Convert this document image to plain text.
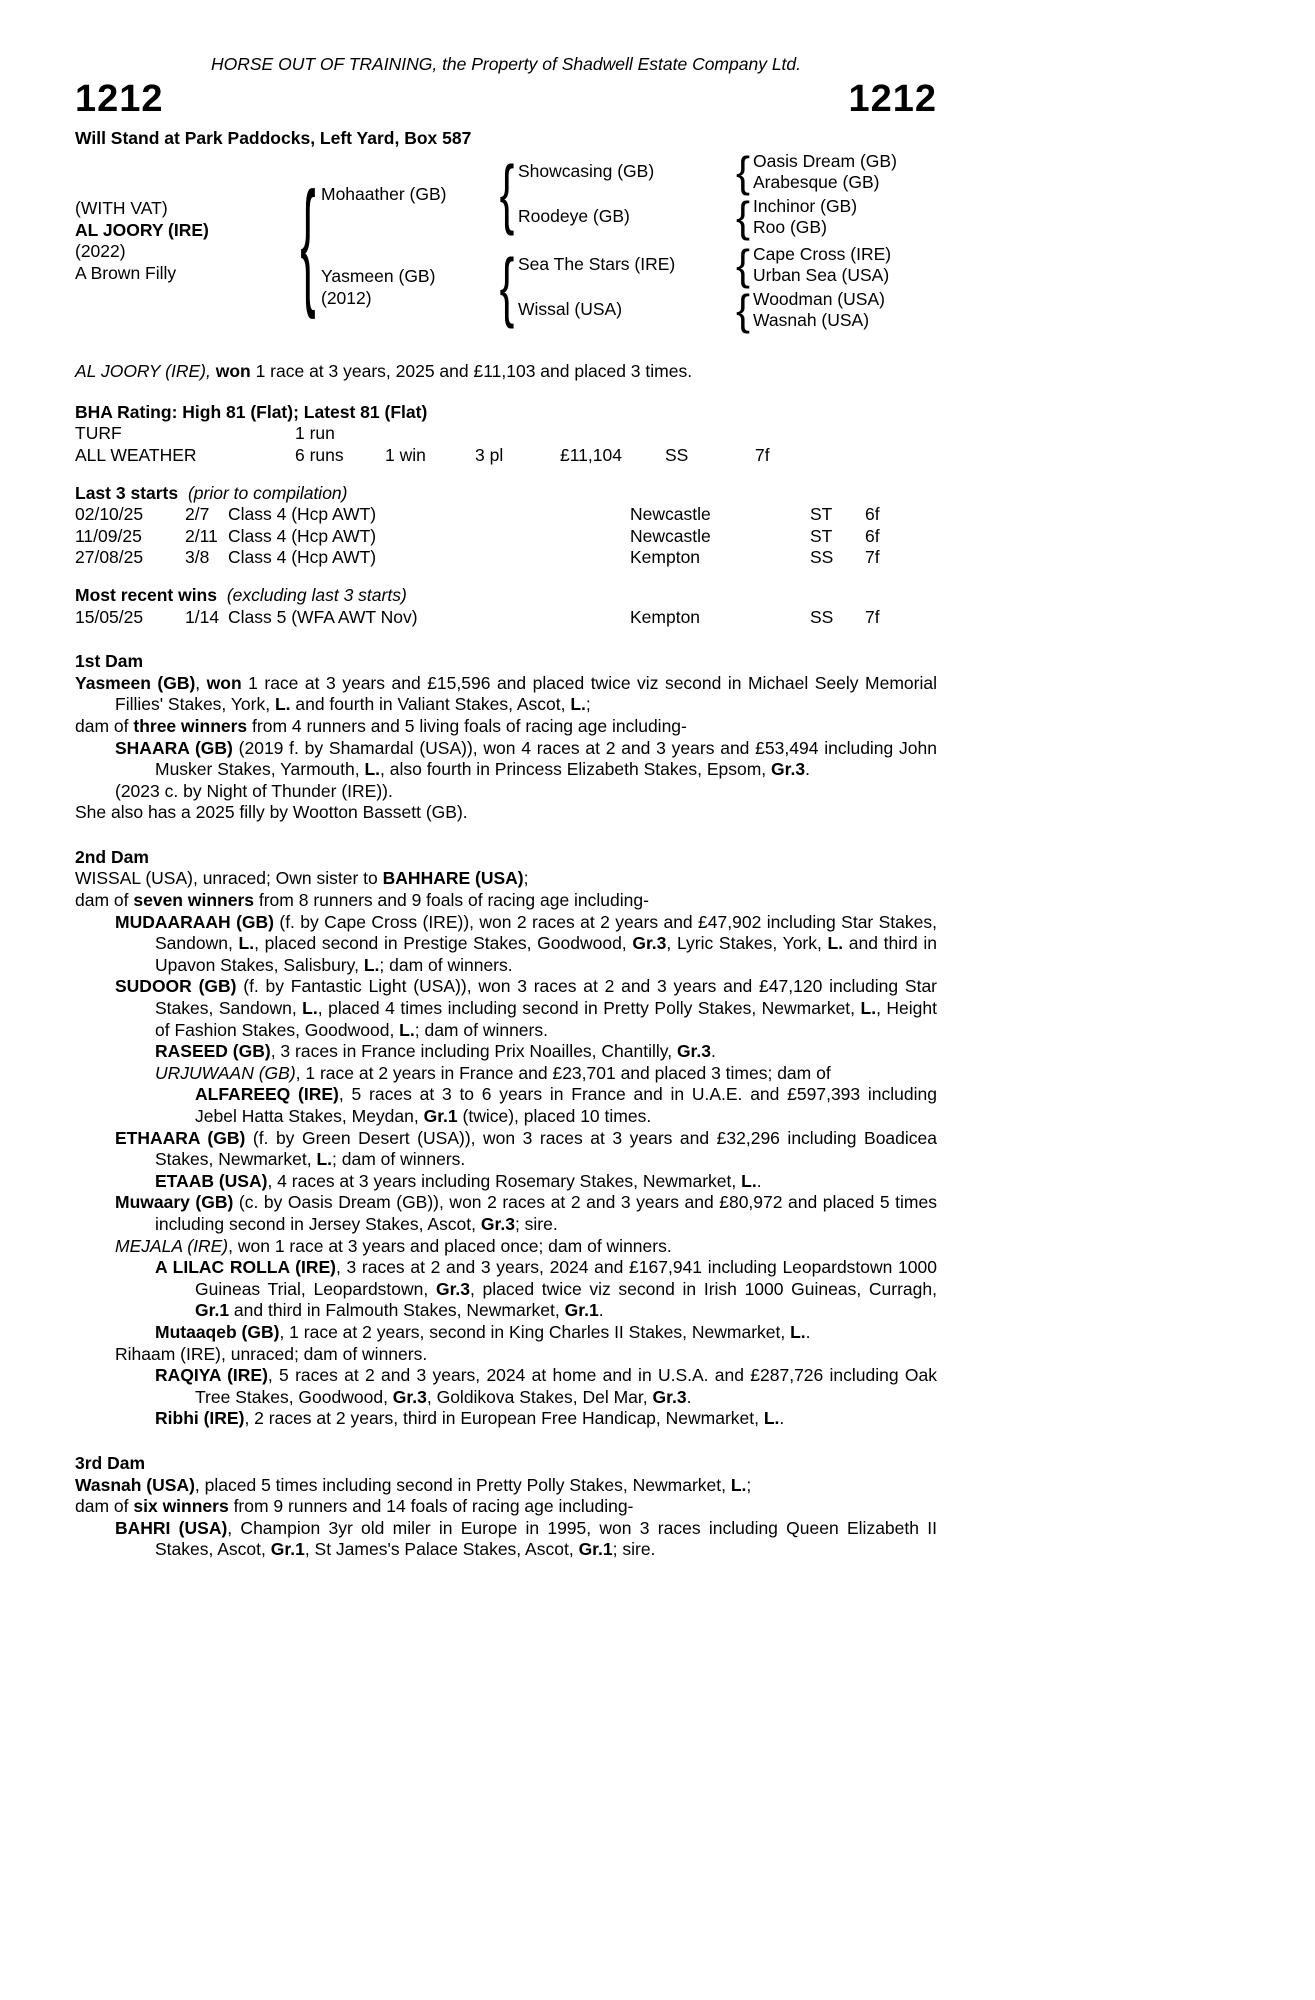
HORSE OUT OF TRAINING, the Property of Shadwell Estate Company Ltd.
1212	1212
Will Stand at Park Paddocks, Left Yard, Box 587
(WITH VAT)
AL JOORY (IRE)
(2022)
A Brown Filly	{ Mohaather (GB)	{ Showcasing (GB)	{ Oasis Dream (GB)
Arabesque (GB)
Roodeye (GB)	{ Inchinor (GB)
Roo (GB)
Yasmeen (GB)
(2012)	{ Sea The Stars (IRE)	{ Cape Cross (IRE)
Urban Sea (USA)
Wissal (USA)	{ Woodman (USA)
Wasnah (USA)

AL JOORY (IRE), won 1 race at 3 years, 2025 and £11,103 and placed 3 times.

BHA Rating: High 81 (Flat); Latest 81 (Flat)
TURF	1 run
ALL WEATHER	6 runs	1 win	3 pl	£11,104	SS	7f
Last 3 starts (prior to compilation)
02/10/25	2/7	Class 4 (Hcp AWT)	Newcastle	ST	6f
11/09/25	2/11 Class 4 (Hcp AWT)	Newcastle	ST	6f
27/08/25	3/8	Class 4 (Hcp AWT)	Kempton	SS	7f
Most recent wins (excluding last 3 starts)
15/05/25	1/14 Class 5 (WFA AWT Nov)	Kempton	SS	7f
1st Dam

Yasmeen (GB), won 1 race at 3 years and £15,596 and placed twice viz second in Michael Seely Memorial Fillies' Stakes, York, L. and fourth in Valiant Stakes, Ascot, L.;

dam of three winners from 4 runners and 5 living foals of racing age including-

SHAARA (GB) (2019 f. by Shamardal (USA)), won 4 races at 2 and 3 years and £53,494 including John Musker Stakes, Yarmouth, L., also fourth in Princess Elizabeth Stakes, Epsom, Gr.3.

(2023 c. by Night of Thunder (IRE)).

She also has a 2025 filly by Wootton Bassett (GB).

2nd Dam

WISSAL (USA), unraced; Own sister to BAHHARE (USA);

dam of seven winners from 8 runners and 9 foals of racing age including-

MUDAARAAH (GB) (f. by Cape Cross (IRE)), won 2 races at 2 years and £47,902 including Star Stakes, Sandown, L., placed second in Prestige Stakes, Goodwood, Gr.3, Lyric Stakes, York, L. and third in Upavon Stakes, Salisbury, L.; dam of winners.

SUDOOR (GB) (f. by Fantastic Light (USA)), won 3 races at 2 and 3 years and £47,120 including Star Stakes, Sandown, L., placed 4 times including second in Pretty Polly Stakes, Newmarket, L., Height of Fashion Stakes, Goodwood, L.; dam of winners.

RASEED (GB), 3 races in France including Prix Noailles, Chantilly, Gr.3.

URJUWAAN (GB), 1 race at 2 years in France and £23,701 and placed 3 times; dam of

ALFAREEQ (IRE), 5 races at 3 to 6 years in France and in U.A.E. and £597,393 including Jebel Hatta Stakes, Meydan, Gr.1 (twice), placed 10 times.

ETHAARA (GB) (f. by Green Desert (USA)), won 3 races at 3 years and £32,296 including Boadicea Stakes, Newmarket, L.; dam of winners.

ETAAB (USA), 4 races at 3 years including Rosemary Stakes, Newmarket, L..

Muwaary (GB) (c. by Oasis Dream (GB)), won 2 races at 2 and 3 years and £80,972 and placed 5 times including second in Jersey Stakes, Ascot, Gr.3; sire.

MEJALA (IRE), won 1 race at 3 years and placed once; dam of winners.

A LILAC ROLLA (IRE), 3 races at 2 and 3 years, 2024 and £167,941 including Leopardstown 1000 Guineas Trial, Leopardstown, Gr.3, placed twice viz second in Irish 1000 Guineas, Curragh, Gr.1 and third in Falmouth Stakes, Newmarket, Gr.1.

Mutaaqeb (GB), 1 race at 2 years, second in King Charles II Stakes, Newmarket, L..

Rihaam (IRE), unraced; dam of winners.

RAQIYA (IRE), 5 races at 2 and 3 years, 2024 at home and in U.S.A. and £287,726 including Oak Tree Stakes, Goodwood, Gr.3, Goldikova Stakes, Del Mar, Gr.3.

Ribhi (IRE), 2 races at 2 years, third in European Free Handicap, Newmarket, L..

3rd Dam

Wasnah (USA), placed 5 times including second in Pretty Polly Stakes, Newmarket, L.;

dam of six winners from 9 runners and 14 foals of racing age including-

BAHRI (USA), Champion 3yr old miler in Europe in 1995, won 3 races including Queen Elizabeth II Stakes, Ascot, Gr.1, St James's Palace Stakes, Ascot, Gr.1; sire.
